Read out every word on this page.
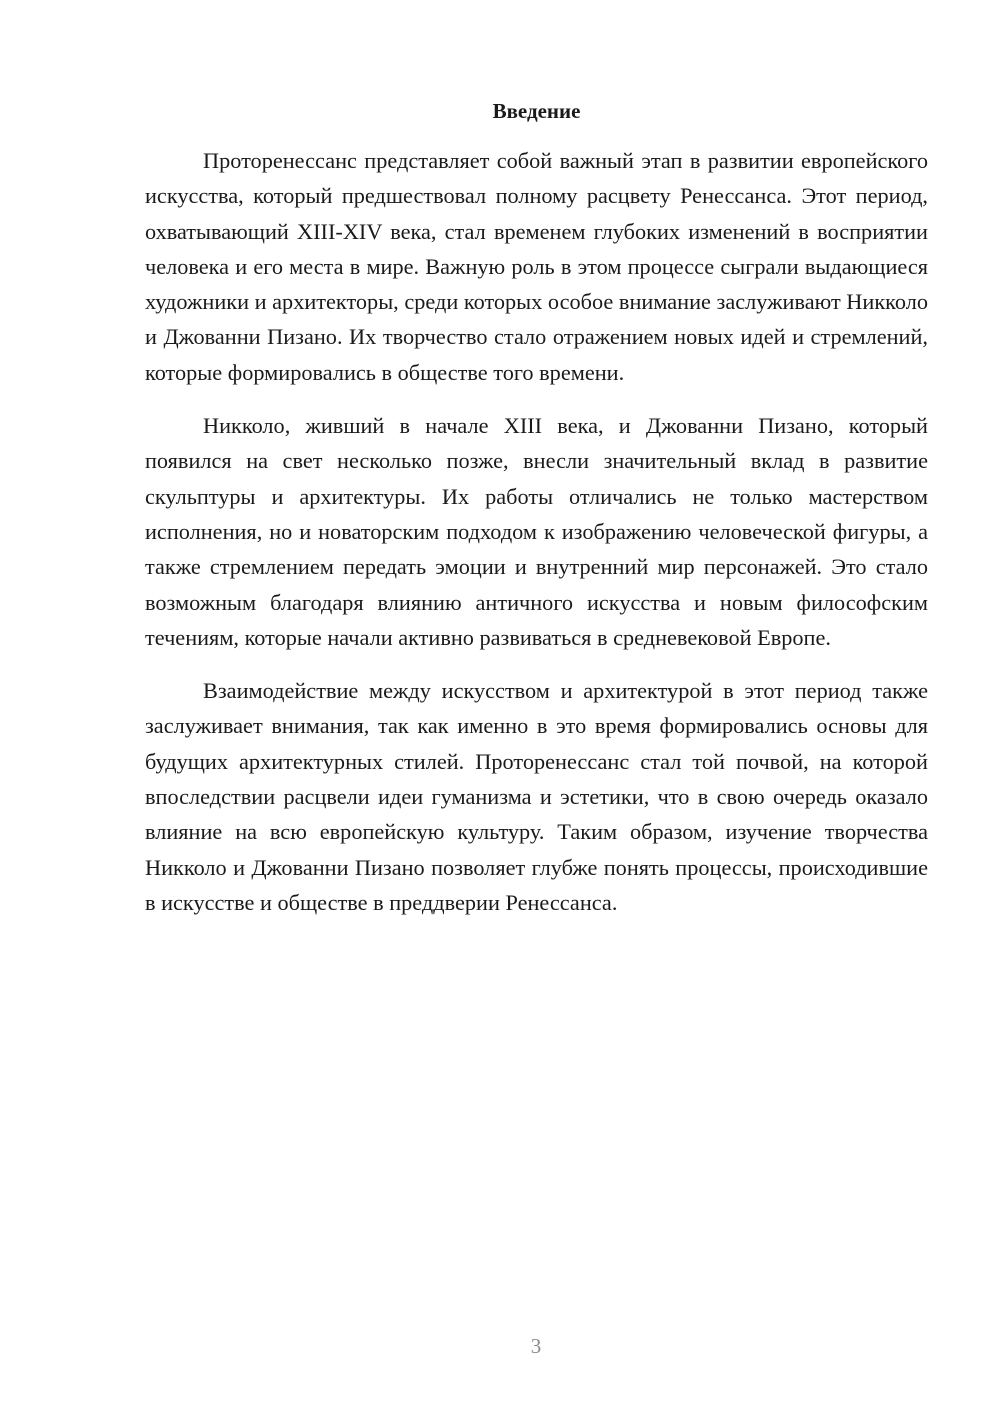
Введение

Проторенессанс представляет собой важный этап в развитии европейского искусства, который предшествовал полному расцвету Ренессанса. Этот период, охватывающий XIII-XIV века, стал временем глубоких изменений в восприятии человека и его места в мире. Важную роль в этом процессе сыграли выдающиеся художники и архитекторы, среди которых особое внимание заслуживают Никколо и Джованни Пизано. Их творчество стало отражением новых идей и стремлений, которые формировались в обществе того времени.

Никколо, живший в начале XIII века, и Джованни Пизано, который появился на свет несколько позже, внесли значительный вклад в развитие скульптуры и архитектуры. Их работы отличались не только мастерством исполнения, но и новаторским подходом к изображению человеческой фигуры, а также стремлением передать эмоции и внутренний мир персонажей. Это стало возможным благодаря влиянию античного искусства и новым философским течениям, которые начали активно развиваться в средневековой Европе.

Взаимодействие между искусством и архитектурой в этот период также заслуживает внимания, так как именно в это время формировались основы для будущих архитектурных стилей. Проторенессанс стал той почвой, на которой впоследствии расцвели идеи гуманизма и эстетики, что в свою очередь оказало влияние на всю европейскую культуру. Таким образом, изучение творчества Никколо и Джованни Пизано позволяет глубже понять процессы, происходившие в искусстве и обществе в преддверии Ренессанса.

3
